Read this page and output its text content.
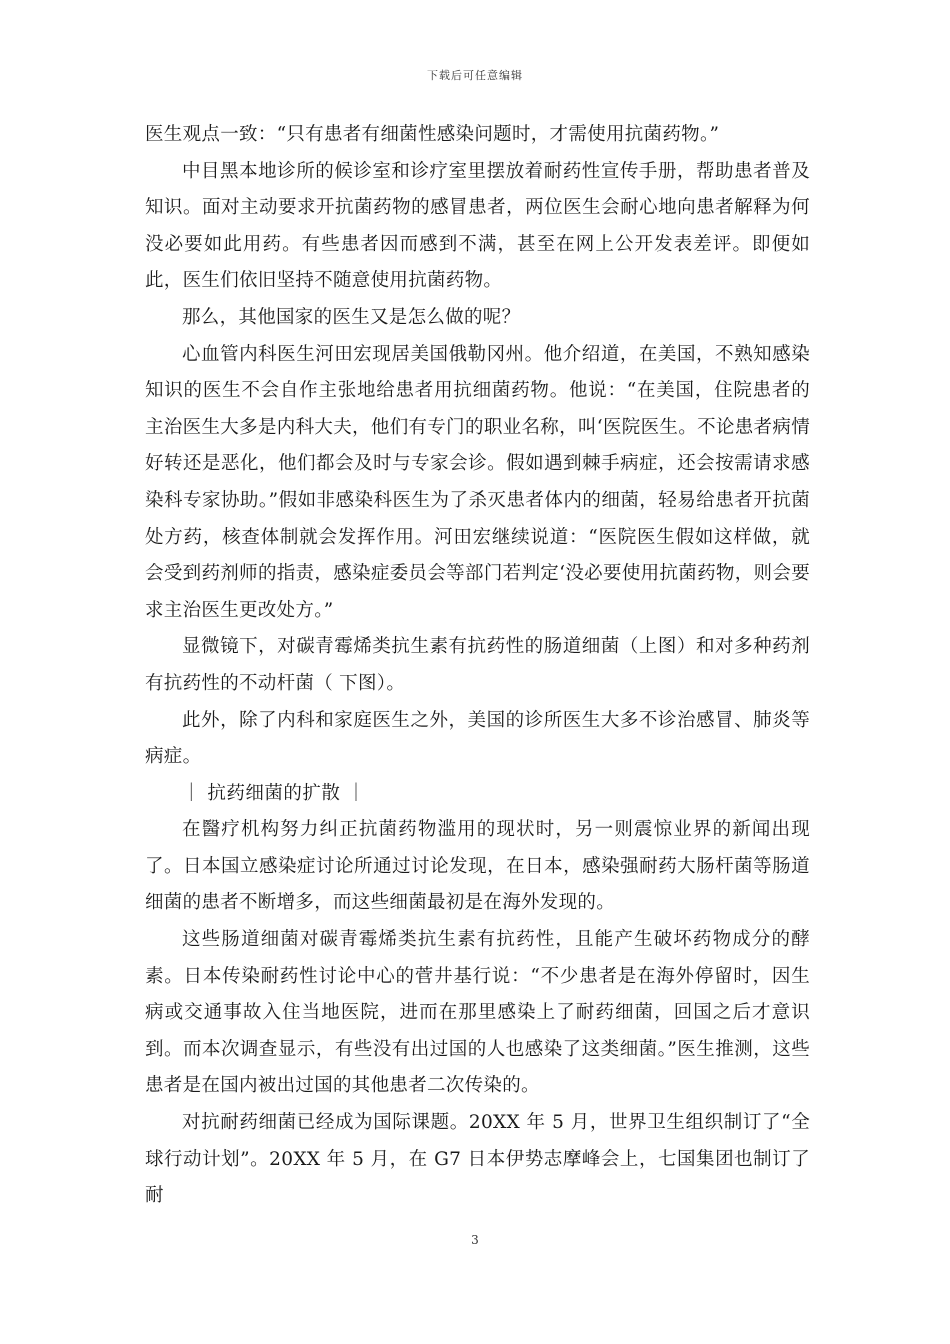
下载后可任意编辑

医生观点一致：“只有患者有细菌性感染问题时，才需使用抗菌药物。”

中目黑本地诊所的候诊室和诊疗室里摆放着耐药性宣传手册，帮助患者普及知识。面对主动要求开抗菌药物的感冒患者，两位医生会耐心地向患者解释为何没必要如此用药。有些患者因而感到不满，甚至在网上公开发表差评。即便如此，医生们依旧坚持不随意使用抗菌药物。

那么，其他国家的医生又是怎么做的呢？

心血管内科医生河田宏现居美国俄勒冈州。他介绍道，在美国，不熟知感染知识的医生不会自作主张地给患者用抗细菌药物。他说：“在美国，住院患者的主治医生大多是内科大夫，他们有专门的职业名称，叫‘医院医生。不论患者病情好转还是恶化，他们都会及时与专家会诊。假如遇到棘手病症，还会按需请求感染科专家协助。”假如非感染科医生为了杀灭患者体内的细菌，轻易给患者开抗菌处方药，核查体制就会发挥作用。河田宏继续说道：“医院医生假如这样做，就会受到药剂师的指责，感染症委员会等部门若判定‘没必要使用抗菌药物，则会要求主治医生更改处方。”

显微镜下，对碳青霉烯类抗生素有抗药性的肠道细菌（上图）和对多种药剂有抗药性的不动杆菌（ 下图）。

此外，除了内科和家庭医生之外，美国的诊所医生大多不诊治感冒、肺炎等病症。

｜ 抗药细菌的扩散 ｜

在醫疗机构努力纠正抗菌药物滥用的现状时，另一则震惊业界的新闻出现了。日本国立感染症讨论所通过讨论发现，在日本，感染强耐药大肠杆菌等肠道细菌的患者不断增多，而这些细菌最初是在海外发现的。

这些肠道细菌对碳青霉烯类抗生素有抗药性，且能产生破坏药物成分的酵素。日本传染耐药性讨论中心的菅井基行说：“不少患者是在海外停留时，因生病或交通事故入住当地医院，进而在那里感染上了耐药细菌，回国之后才意识到。而本次调查显示，有些没有出过国的人也感染了这类细菌。”医生推测，这些患者是在国内被出过国的其他患者二次传染的。

对抗耐药细菌已经成为国际课题。20XX 年 5 月，世界卫生组织制订了“全球行动计划”。20XX 年 5 月，在 G7 日本伊势志摩峰会上，七国集团也制订了耐

3
